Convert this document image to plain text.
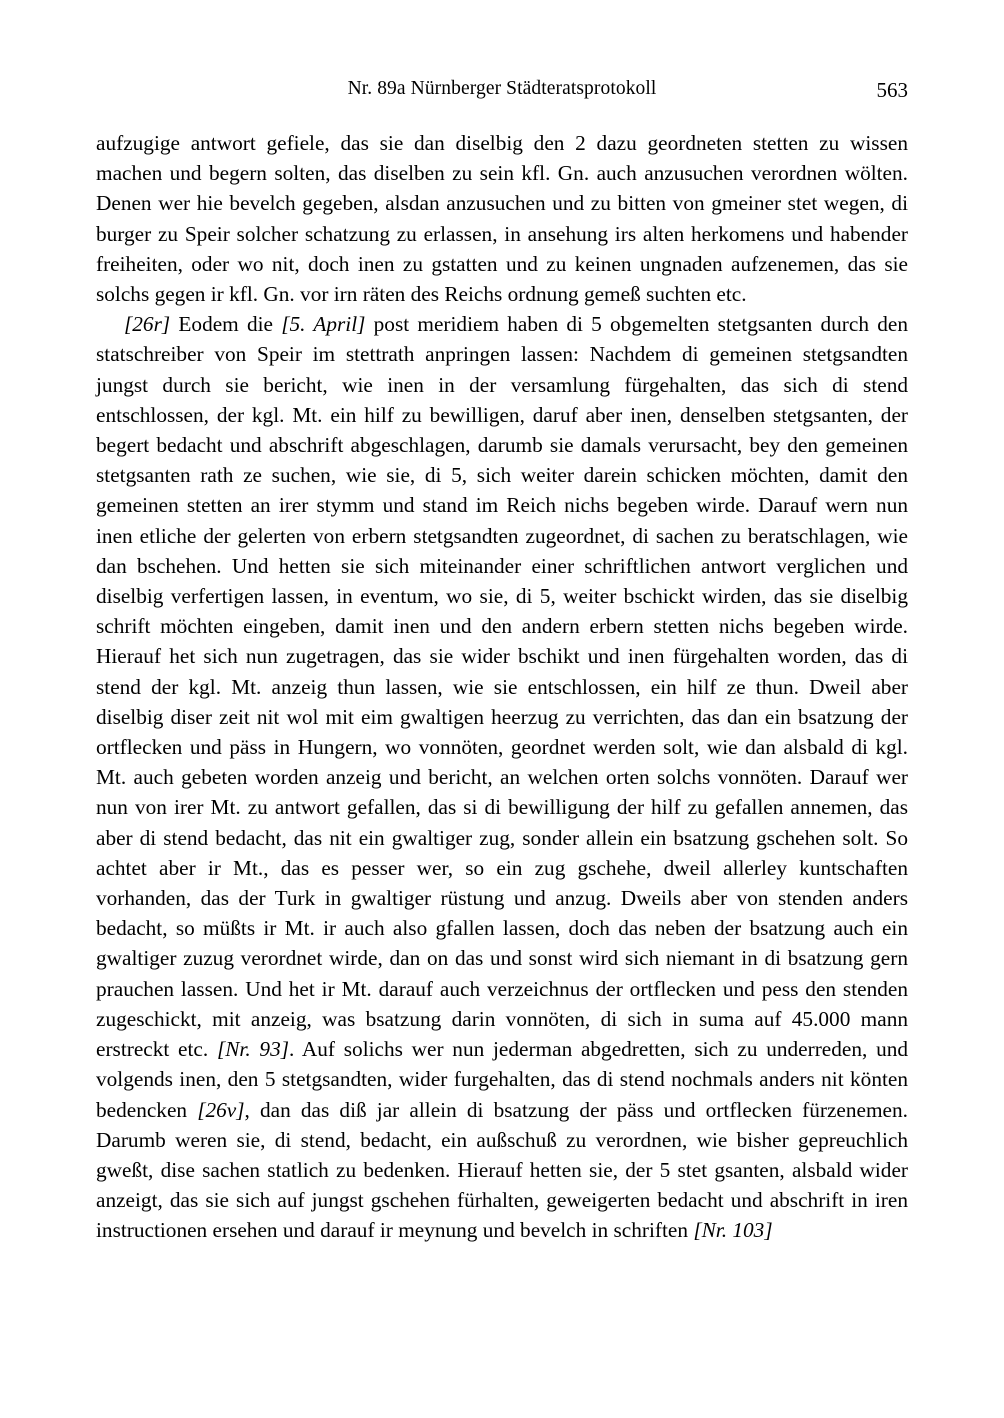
Nr. 89a Nürnberger Städteratsprotokoll	563

aufzugige antwort gefiele, das sie dan diselbig den 2 dazu geordneten stetten zu wissen machen und begern solten, das diselben zu sein kfl. Gn. auch anzusuchen verordnen wölten. Denen wer hie bevelch gegeben, alsdan anzusuchen und zu bitten von gmeiner stet wegen, di burger zu Speir solcher schatzung zu erlassen, in ansehung irs alten herkomens und habender freiheiten, oder wo nit, doch inen zu gstatten und zu keinen ungnaden aufzenemen, das sie solchs gegen ir kfl. Gn. vor irn räten des Reichs ordnung gemeß suchten etc.

[26r] Eodem die [5. April] post meridiem haben di 5 obgemelten stetgsanten durch den statschreiber von Speir im stettrath anpringen lassen: Nachdem di gemeinen stetgsandten jungst durch sie bericht, wie inen in der versamlung fürgehalten, das sich di stend entschlossen, der kgl. Mt. ein hilf zu bewilligen, daruf aber inen, denselben stetgsanten, der begert bedacht und abschrift abgeschlagen, darumb sie damals verursacht, bey den gemeinen stetgsanten rath ze suchen, wie sie, di 5, sich weiter darein schicken möchten, damit den gemeinen stetten an irer stymm und stand im Reich nichs begeben wirde. Darauf wern nun inen etliche der gelerten von erbern stetgsandten zugeordnet, di sachen zu beratschlagen, wie dan bschehen. Und hetten sie sich miteinander einer schriftlichen antwort verglichen und diselbig verfertigen lassen, in eventum, wo sie, di 5, weiter bschickt wirden, das sie diselbig schrift möchten eingeben, damit inen und den andern erbern stetten nichs begeben wirde. Hierauf het sich nun zugetragen, das sie wider bschikt und inen fürgehalten worden, das di stend der kgl. Mt. anzeig thun lassen, wie sie entschlossen, ein hilf ze thun. Dweil aber diselbig diser zeit nit wol mit eim gwaltigen heerzug zu verrichten, das dan ein bsatzung der ortflecken und päss in Hungern, wo vonnöten, geordnet werden solt, wie dan alsbald di kgl. Mt. auch gebeten worden anzeig und bericht, an welchen orten solchs vonnöten. Darauf wer nun von irer Mt. zu antwort gefallen, das si di bewilligung der hilf zu gefallen annemen, das aber di stend bedacht, das nit ein gwaltiger zug, sonder allein ein bsatzung gschehen solt. So achtet aber ir Mt., das es pesser wer, so ein zug gschehe, dweil allerley kuntschaften vorhanden, das der Turk in gwaltiger rüstung und anzug. Dweils aber von stenden anders bedacht, so müßts ir Mt. ir auch also gfallen lassen, doch das neben der bsatzung auch ein gwaltiger zuzug verordnet wirde, dan on das und sonst wird sich niemant in di bsatzung gern prauchen lassen. Und het ir Mt. darauf auch verzeichnus der ortflecken und pess den stenden zugeschickt, mit anzeig, was bsatzung darin vonnöten, di sich in suma auf 45.000 mann erstreckt etc. [Nr. 93]. Auf solichs wer nun jederman abgedretten, sich zu underreden, und volgends inen, den 5 stetgsandten, wider furgehalten, das di stend nochmals anders nit könten bedencken [26v], dan das diß jar allein di bsatzung der päss und ortflecken fürzenemen. Darumb weren sie, di stend, bedacht, ein außschuß zu verordnen, wie bisher gepreuchlich gweßt, dise sachen statlich zu bedenken. Hierauf hetten sie, der 5 stet gsanten, alsbald wider anzeigt, das sie sich auf jungst gschehen fürhalten, geweigerten bedacht und abschrift in iren instructionen ersehen und darauf ir meynung und bevelch in schriften [Nr. 103]
